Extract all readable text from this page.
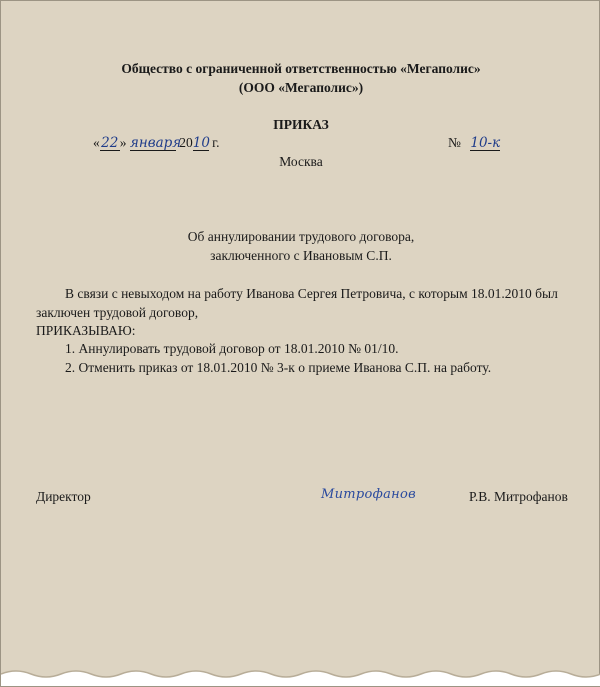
Общество с ограниченной ответственностью «Мегаполис»
(ООО «Мегаполис»)
ПРИКАЗ
«22» января 2010 г.	№ 10-к
Москва
Об аннулировании трудового договора,
заключенного с Ивановым С.П.
В связи с невыходом на работу Иванова Сергея Петровича, с которым 18.01.2010 был
заключен трудовой договор,
ПРИКАЗЫВАЮ:
1. Аннулировать трудовой договор от 18.01.2010 № 01/10.
2. Отменить приказ от 18.01.2010 № 3-к о приеме Иванова С.П. на работу.
Директор	Митрофанов	Р.В. Митрофанов
